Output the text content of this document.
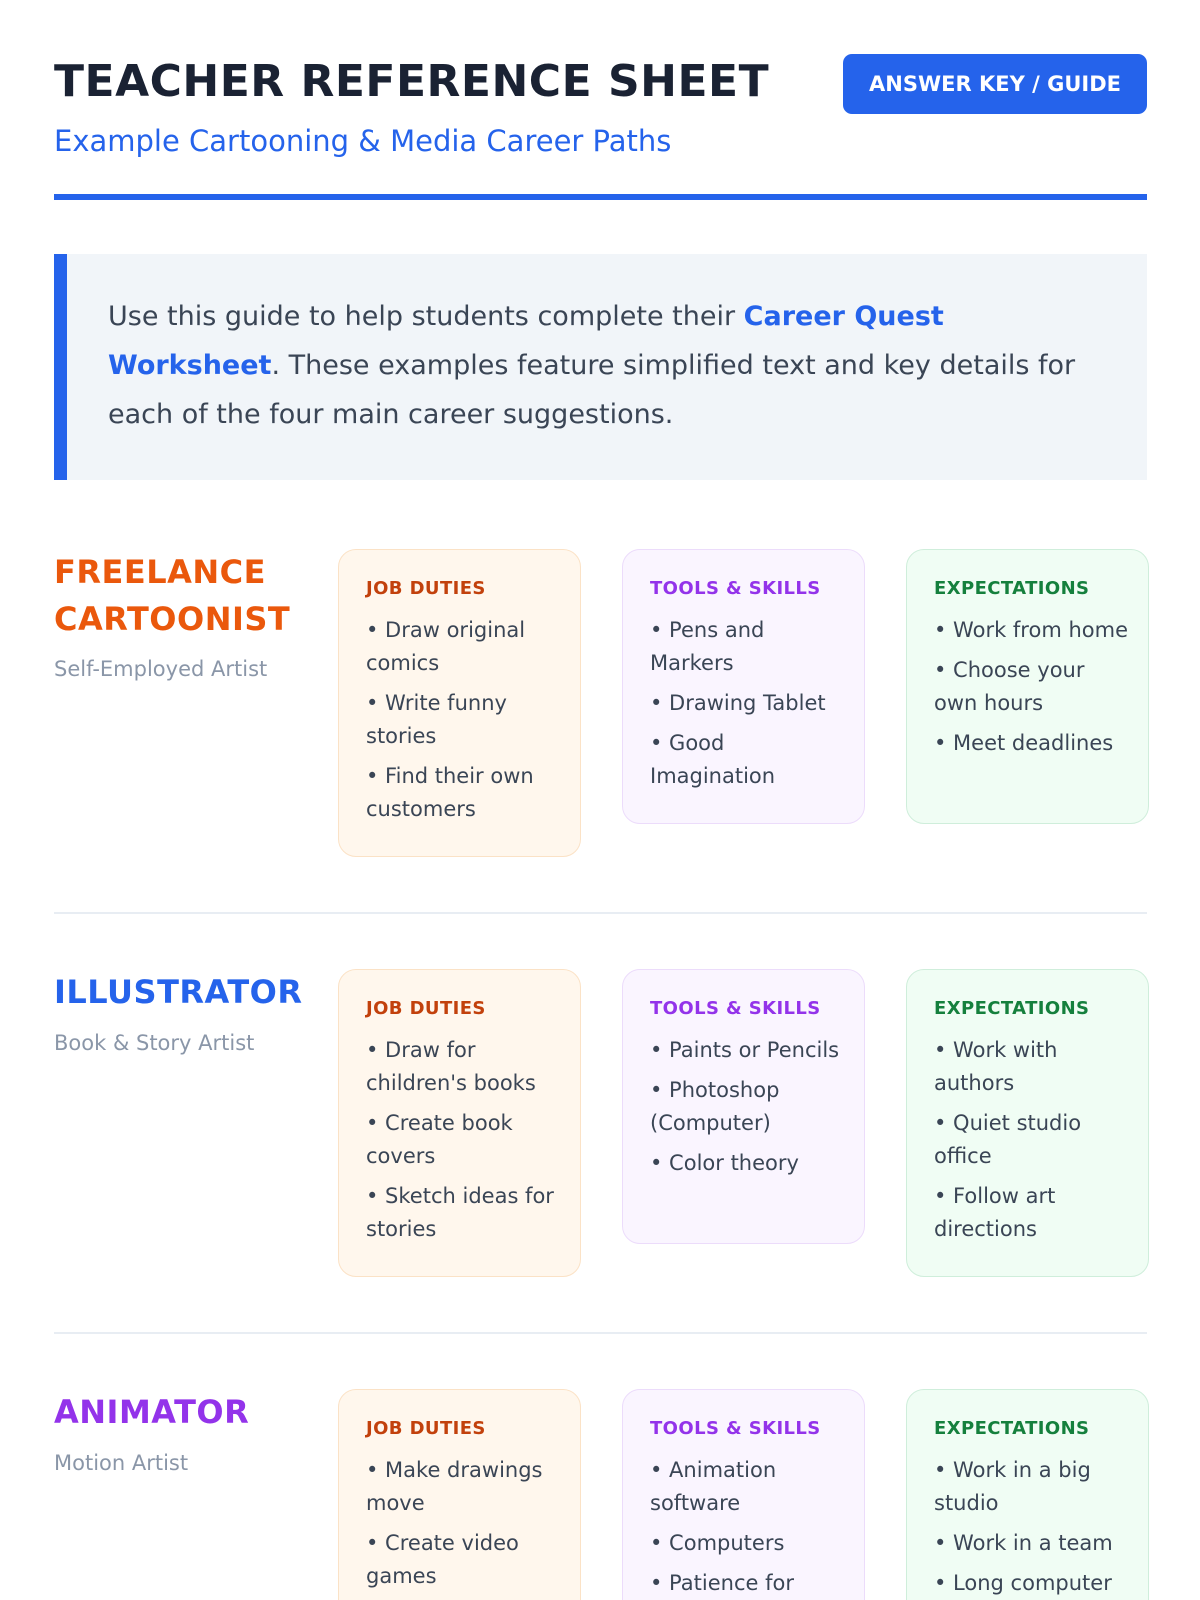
TEACHER REFERENCE SHEET
Example Cartooning & Media Career Paths
ANSWER KEY / GUIDE

Use this guide to help students complete their Career Quest Worksheet. These examples feature simplified text and key details for each of the four main career suggestions.

FREELANCE CARTOONIST
Self-Employed Artist
JOB DUTIES
• Draw original comics
• Write funny stories
• Find their own customers
TOOLS & SKILLS
• Pens and Markers
• Drawing Tablet
• Good Imagination
EXPECTATIONS
• Work from home
• Choose your own hours
• Meet deadlines
ILLUSTRATOR
Book & Story Artist
JOB DUTIES
• Draw for children's books
• Create book covers
• Sketch ideas for stories
TOOLS & SKILLS
• Paints or Pencils
• Photoshop (Computer)
• Color theory
EXPECTATIONS
• Work with authors
• Quiet studio office
• Follow art directions
ANIMATOR
Motion Artist
JOB DUTIES
• Make drawings move
• Create video games
TOOLS & SKILLS
• Animation software
• Computers
• Patience for
EXPECTATIONS
• Work in a big studio
• Work in a team
• Long computer
